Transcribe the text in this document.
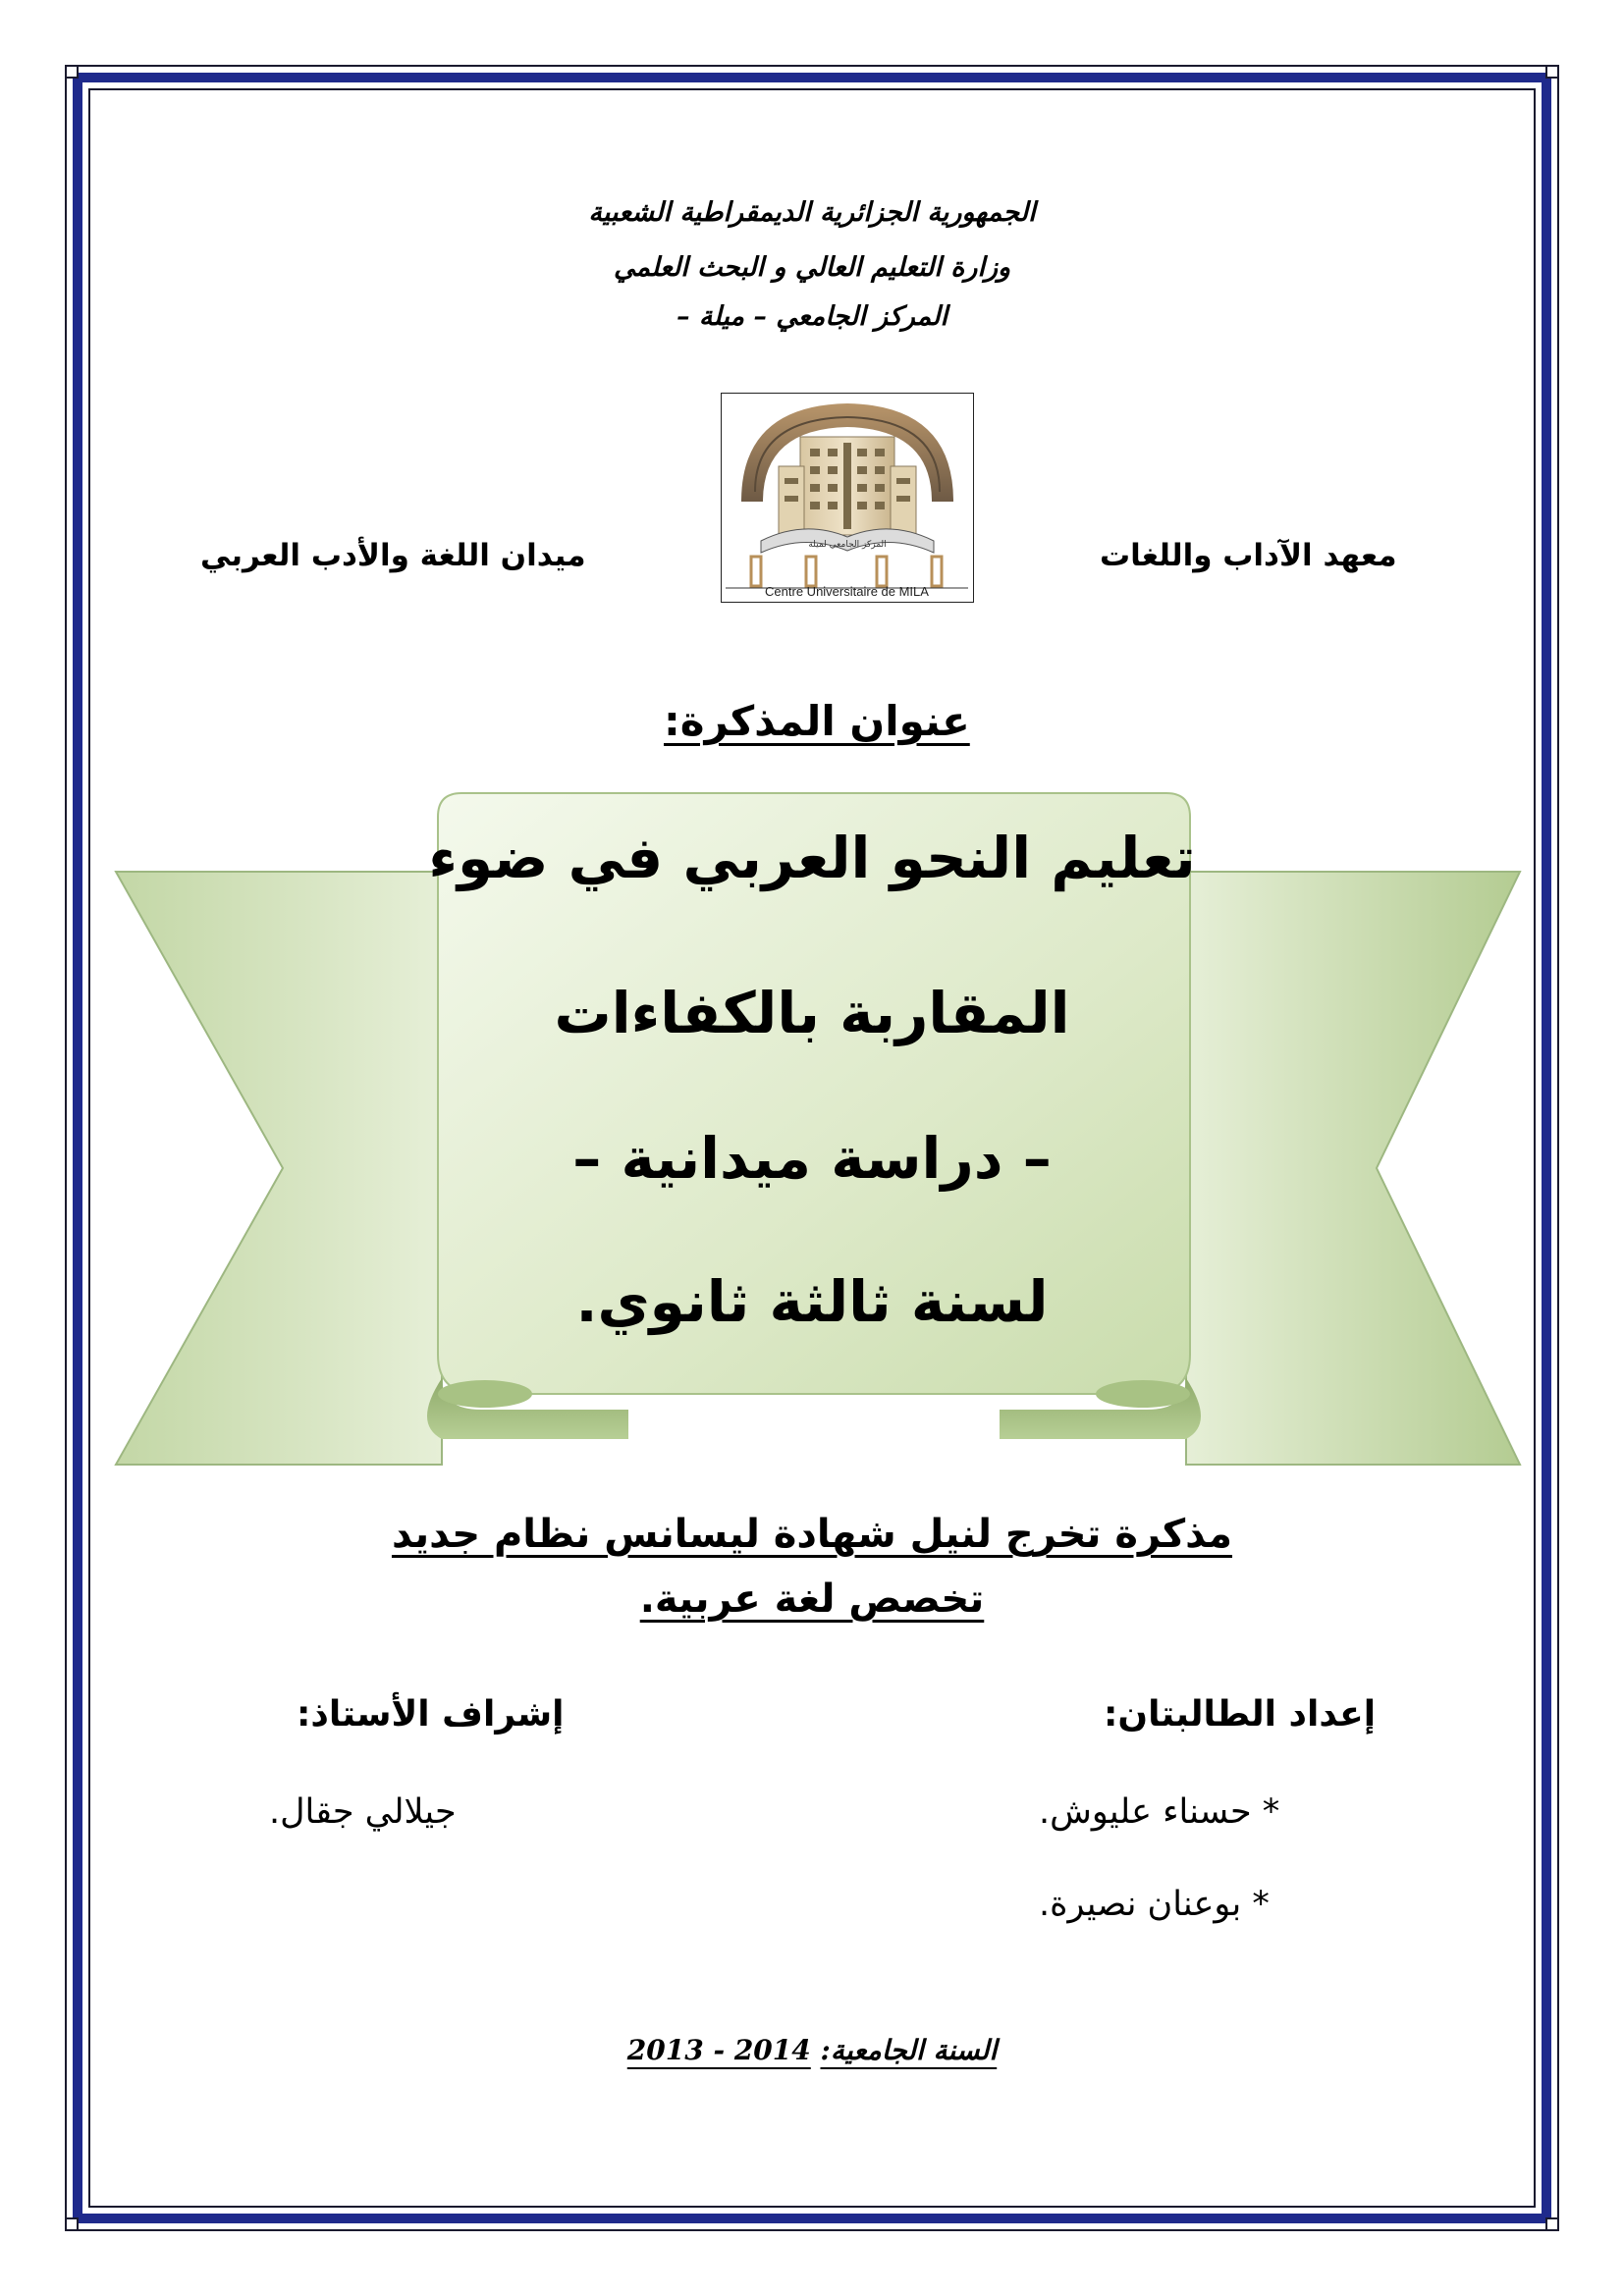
الجمهورية الجزائرية الديمقراطية الشعبية
وزارة التعليم العالي و البحث العلمي
المركز الجامعي – ميلة –
المركز الجامعي لميلة
Centre Universitaire de MILA
معهد الآداب واللغات
ميدان اللغة والأدب العربي
عنوان المذكرة:
تعليم النحو العربي في ضوء
المقاربة بالكفاءات
– دراسة ميدانية –
لسنة ثالثة ثانوي.
مذكرة تخرج لنيل شهادة ليسانس نظام جديد
تخصص لغة عربية.
إعداد الطالبتان:
* حسناء عليوش.
* بوعنان نصيرة.
إشراف الأستاذ:
جيلالي جقال.
2013 - 2014 السنة الجامعية:
